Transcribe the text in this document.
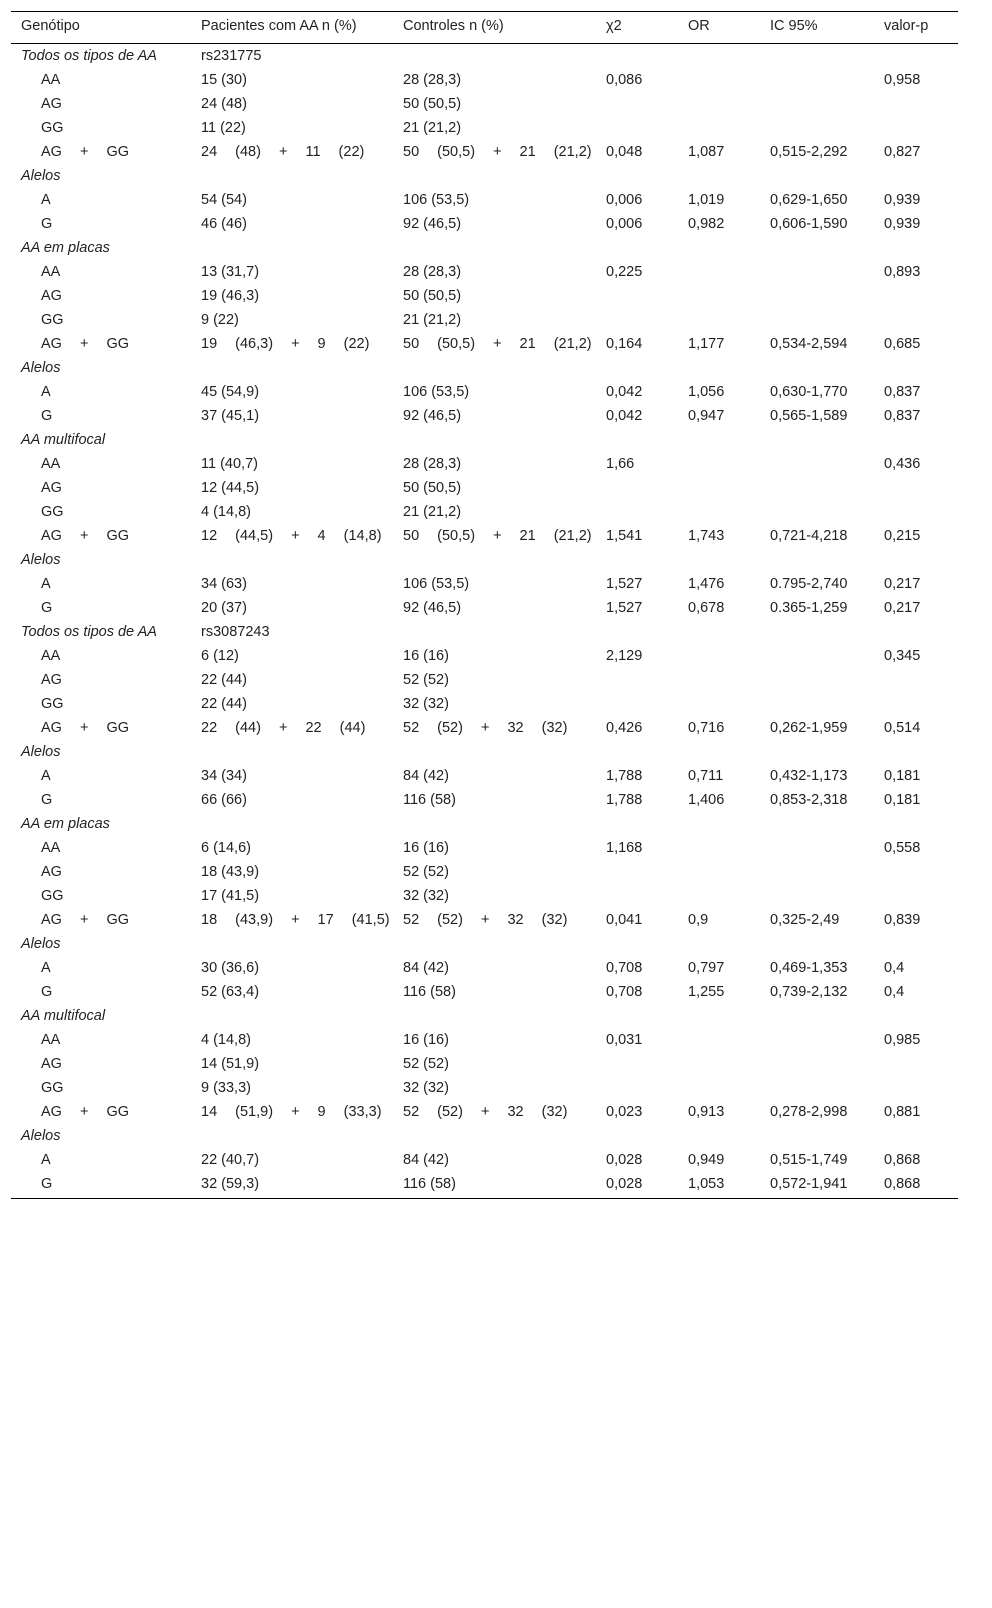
Genótipo	Pacientes com AA n (%)	Controles n (%)	χ2	OR	IC 95%	valor-p
Todos os tipos de AA	rs231775					
AA	15 (30)	28 (28,3)	0,086			0,958
AG	24 (48)	50 (50,5)				
GG	11 (22)	21 (21,2)				
AG + GG	24 (48) + 11 (22)	50 (50,5) + 21 (21,2)	0,048	1,087	0,515-2,292	0,827
Alelos						
A	54 (54)	106 (53,5)	0,006	1,019	0,629-1,650	0,939
G	46 (46)	92 (46,5)	0,006	0,982	0,606-1,590	0,939
AA em placas						
AA	13 (31,7)	28 (28,3)	0,225			0,893
AG	19 (46,3)	50 (50,5)				
GG	9 (22)	21 (21,2)				
AG + GG	19 (46,3) + 9 (22)	50 (50,5) + 21 (21,2)	0,164	1,177	0,534-2,594	0,685
Alelos						
A	45 (54,9)	106 (53,5)	0,042	1,056	0,630-1,770	0,837
G	37 (45,1)	92 (46,5)	0,042	0,947	0,565-1,589	0,837
AA multifocal						
AA	11 (40,7)	28 (28,3)	1,66			0,436
AG	12 (44,5)	50 (50,5)				
GG	4 (14,8)	21 (21,2)				
AG + GG	12 (44,5) + 4 (14,8)	50 (50,5) + 21 (21,2)	1,541	1,743	0,721-4,218	0,215
Alelos						
A	34 (63)	106 (53,5)	1,527	1,476	0.795-2,740	0,217
G	20 (37)	92 (46,5)	1,527	0,678	0.365-1,259	0,217
Todos os tipos de AA	rs3087243					
AA	6 (12)	16 (16)	2,129			0,345
AG	22 (44)	52 (52)				
GG	22 (44)	32 (32)				
AG + GG	22 (44) + 22 (44)	52 (52) + 32 (32)	0,426	0,716	0,262-1,959	0,514
Alelos						
A	34 (34)	84 (42)	1,788	0,711	0,432-1,173	0,181
G	66 (66)	116 (58)	1,788	1,406	0,853-2,318	0,181
AA em placas						
AA	6 (14,6)	16 (16)	1,168			0,558
AG	18 (43,9)	52 (52)				
GG	17 (41,5)	32 (32)				
AG + GG	18 (43,9) + 17 (41,5)	52 (52) + 32 (32)	0,041	0,9	0,325-2,49	0,839
Alelos						
A	30 (36,6)	84 (42)	0,708	0,797	0,469-1,353	0,4
G	52 (63,4)	116 (58)	0,708	1,255	0,739-2,132	0,4
AA multifocal						
AA	4 (14,8)	16 (16)	0,031			0,985
AG	14 (51,9)	52 (52)				
GG	9 (33,3)	32 (32)				
AG + GG	14 (51,9) + 9 (33,3)	52 (52) + 32 (32)	0,023	0,913	0,278-2,998	0,881
Alelos						
A	22 (40,7)	84 (42)	0,028	0,949	0,515-1,749	0,868
G	32 (59,3)	116 (58)	0,028	1,053	0,572-1,941	0,868
